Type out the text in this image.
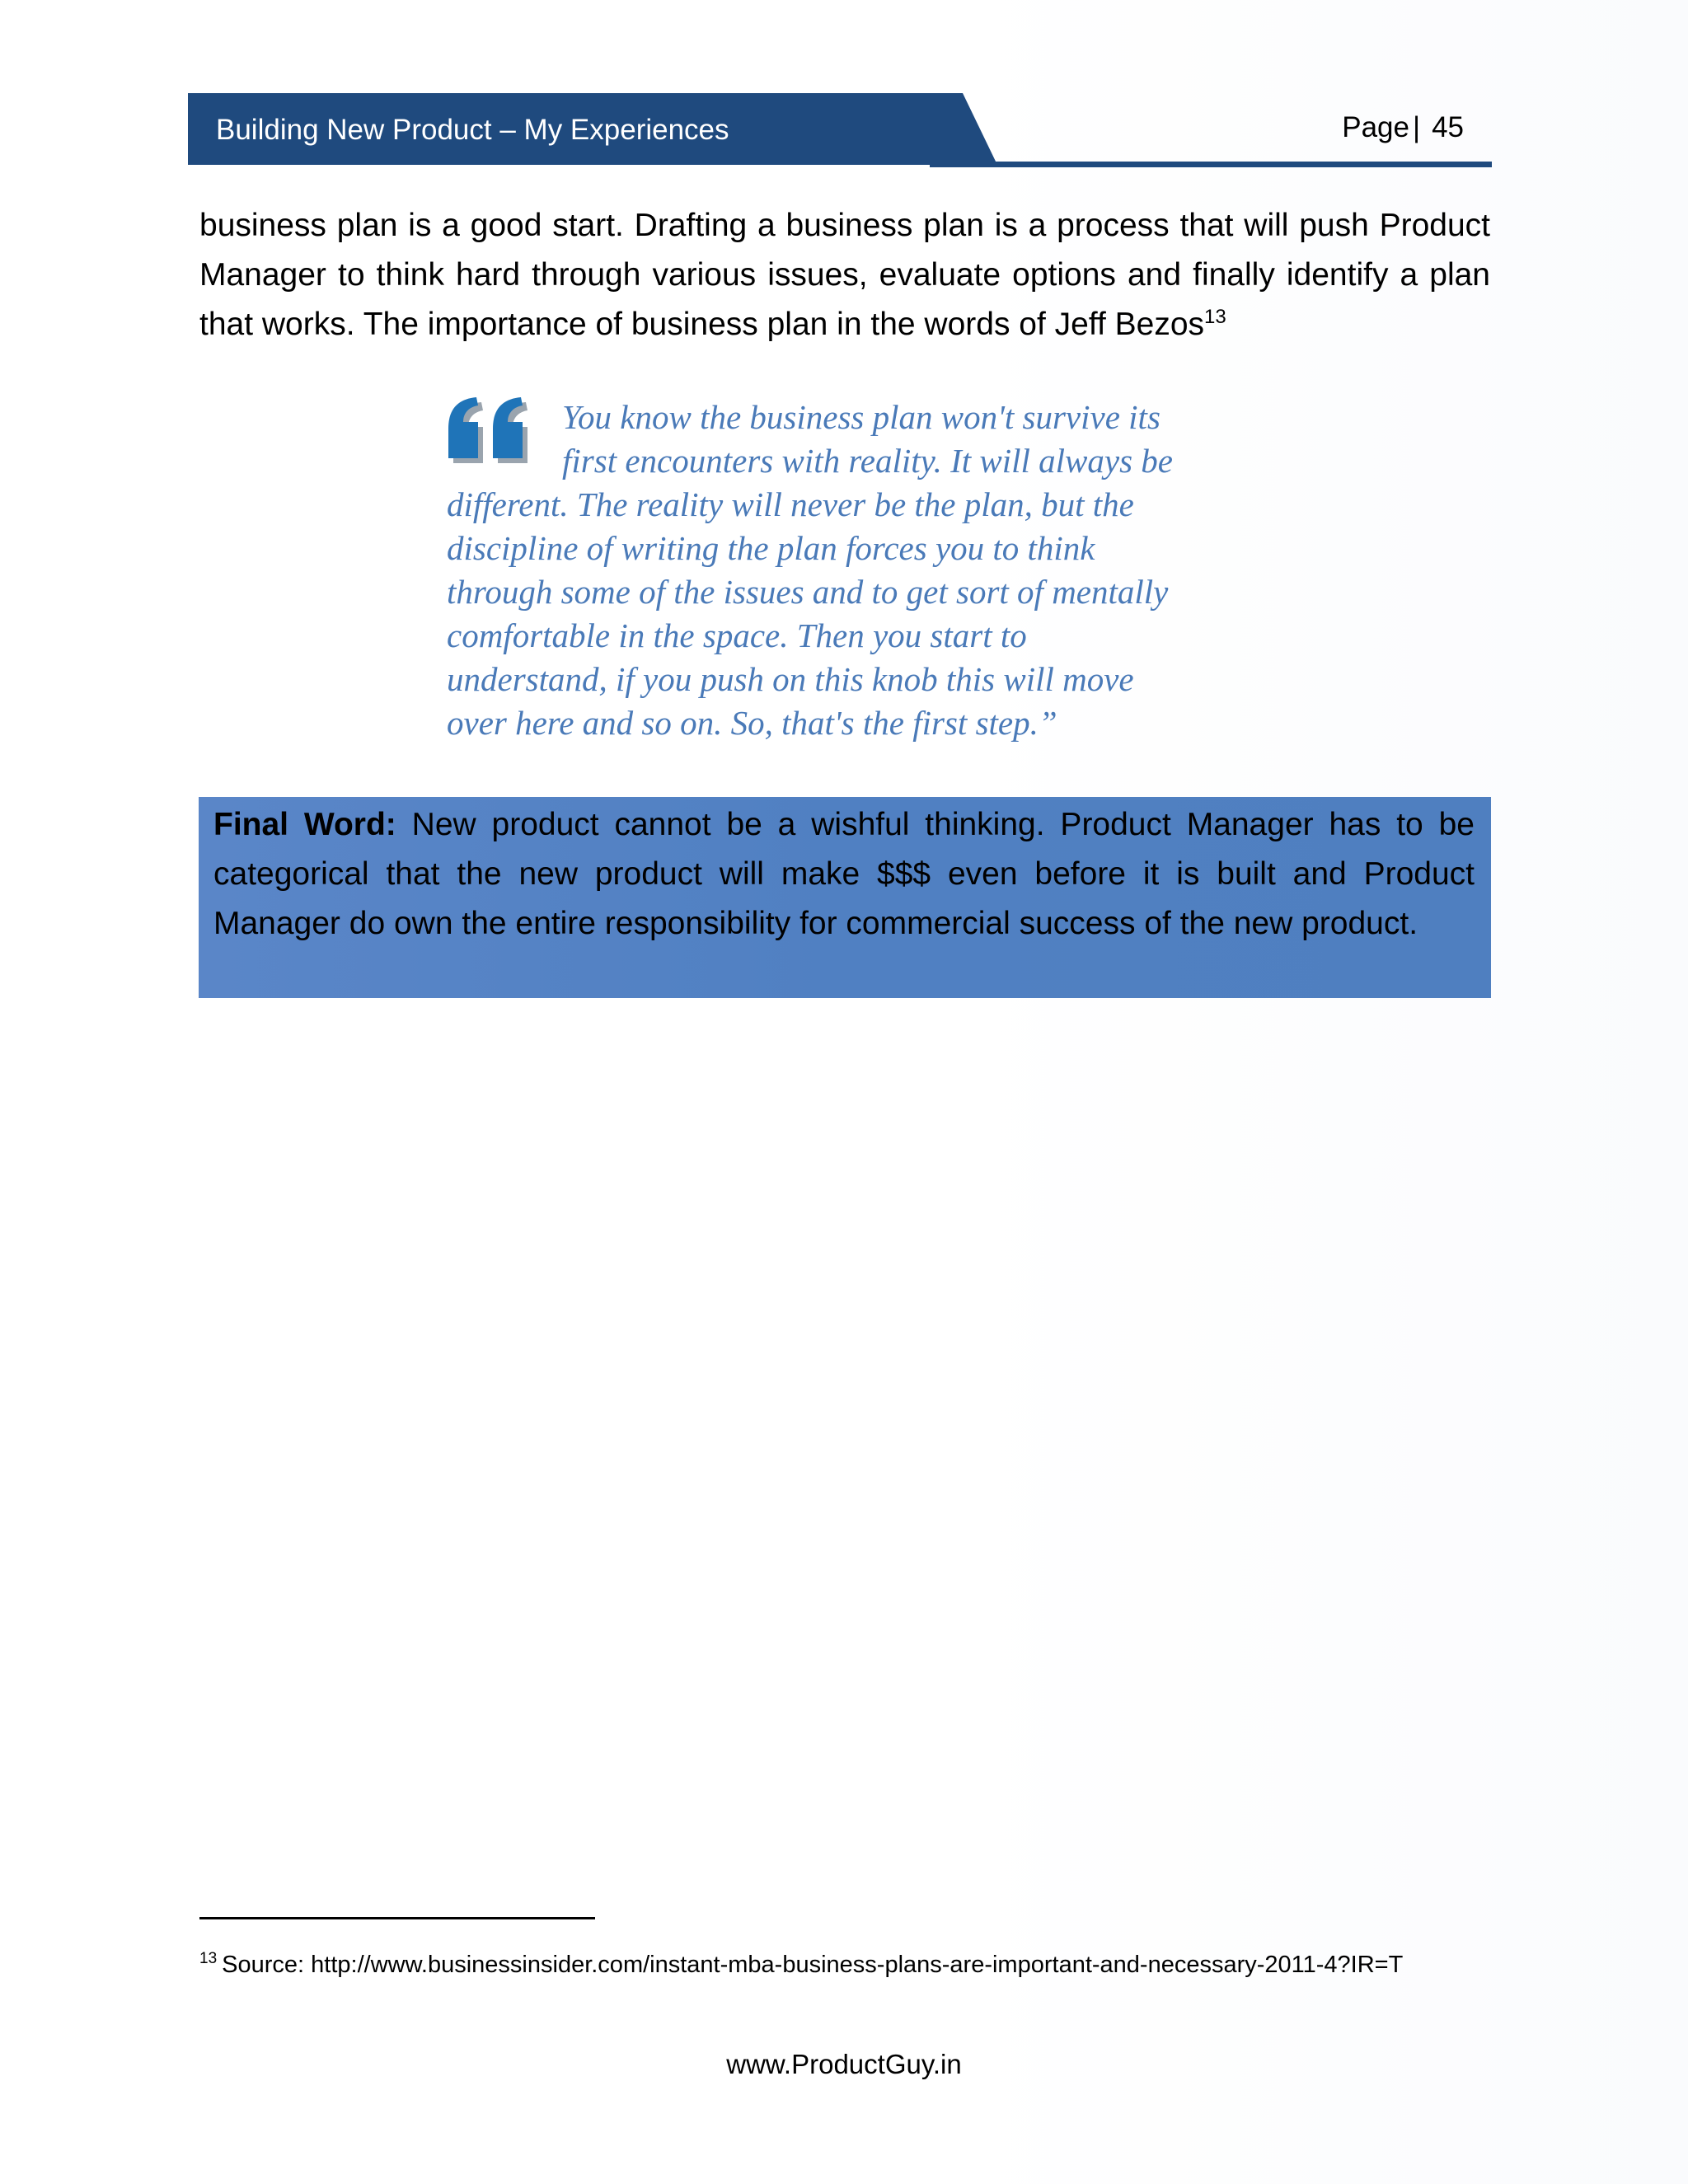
Building New Product – My Experiences	Page | 45

business plan is a good start. Drafting a business plan is a process that will push Product Manager to think hard through various issues, evaluate options and finally identify a plan that works. The importance of business plan in the words of Jeff Bezos$^{13}$

You know the business plan won't survive its
first encounters with reality. It will always be
different. The reality will never be the plan, but the
discipline of writing the plan forces you to think
through some of the issues and to get sort of mentally
comfortable in the space. Then you start to
understand, if you push on this knob this will move
over here and so on. So, that's the first step.”

Final Word: New product cannot be a wishful thinking. Product Manager has to be categorical that the new product will make $$$ even before it is built and Product Manager do own the entire responsibility for commercial success of the new product.

$^{13}$ Source: http://www.businessinsider.com/instant-mba-business-plans-are-important-and-necessary-2011-4?IR=T
www.ProductGuy.in
